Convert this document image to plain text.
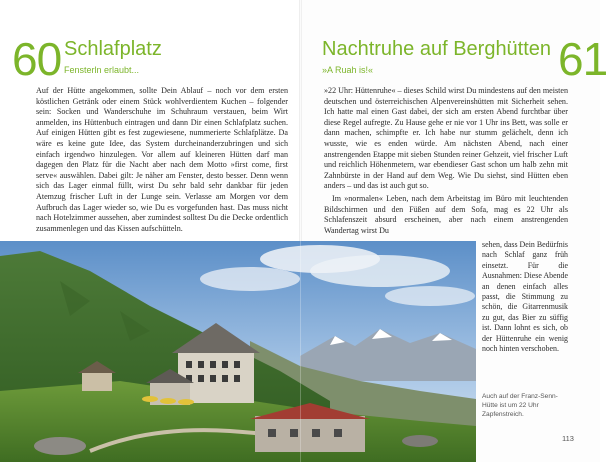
60 Schlafplatz
Fensterln erlaubt...	61
Nachtruhe auf Berghütten
»A Ruah is!«

Auf der Hütte angekommen, sollte Dein Ablauf – noch vor dem ersten köstlichen Getränk oder einem Stück wohlverdientem Kuchen – folgender sein: Socken und Wanderschuhe im Schuhraum verstauen, beim Wirt anmelden, ins Hüttenbuch eintragen und dann Dir einen Schlafplatz suchen. Auf einigen Hütten gibt es fest zugewiesene, nummerierte Schlafplätze. Da wäre es keine gute Idee, das System durcheinanderzubringen und sich einfach irgendwo hinzulegen. Vor allem auf kleineren Hütten darf man dagegen den Platz für die Nacht aber nach dem Motto »first come, first serve« auswählen. Dabei gilt: Je näher am Fenster, desto besser. Denn wenn sich das Lager einmal füllt, wirst Du sehr bald sehr dankbar für jeden Atemzug frischer Luft in der Lunge sein. Verlasse am Morgen vor dem Aufbruch das Lager wieder so, wie Du es vorgefunden hast. Das muss nicht nach Hotelzimmer aussehen, aber zumindest solltest Du die Decke ordentlich zusammenlegen und das Kissen aufschütteln.

»22 Uhr: Hüttenruhe« – dieses Schild wirst Du mindestens auf den meisten deutschen und österreichischen Alpenvereinshütten mit Sicherheit sehen. Ich hatte mal einen Gast dabei, der sich am ersten Abend furchtbar über diese Regel aufregte. Zu Hause gehe er nie vor 1 Uhr ins Bett, was solle er dann machen, schimpfte er. Ich habe nur stumm gelächelt, denn ich wusste, wie es enden würde. Am nächsten Abend, nach einer anstrengenden Etappe mit sieben Stunden reiner Gehzeit, viel frischer Luft und reichlich Höhenmetern, war ebendieser Gast schon um halb zehn mit Zahnbürste in der Hand auf dem Weg. Wie Du siehst, sind Hütten eben anders – und das ist auch gut so.

Im »normalen« Leben, nach dem Arbeitstag im Büro mit leuchtenden Bildschirmen und den Füßen auf dem Sofa, mag es 22 Uhr als Schlafenszeit absurd erscheinen, aber nach einem anstrengenden Wandertag wirst Du

sehen, dass Dein Bedürfnis nach Schlaf ganz früh einsetzt. Für die Ausnahmen: Diese Abende an denen einfach alles passt, die Stimmung zu schön, die Gitarrenmusik zu gut, das Bier zu süffig ist. Dann lohnt es sich, ob der Hüttenruhe ein wenig noch hinten verschoben.

Auch auf der Franz-Senn-Hütte ist um 22 Uhr Zapfenstreich.
113
